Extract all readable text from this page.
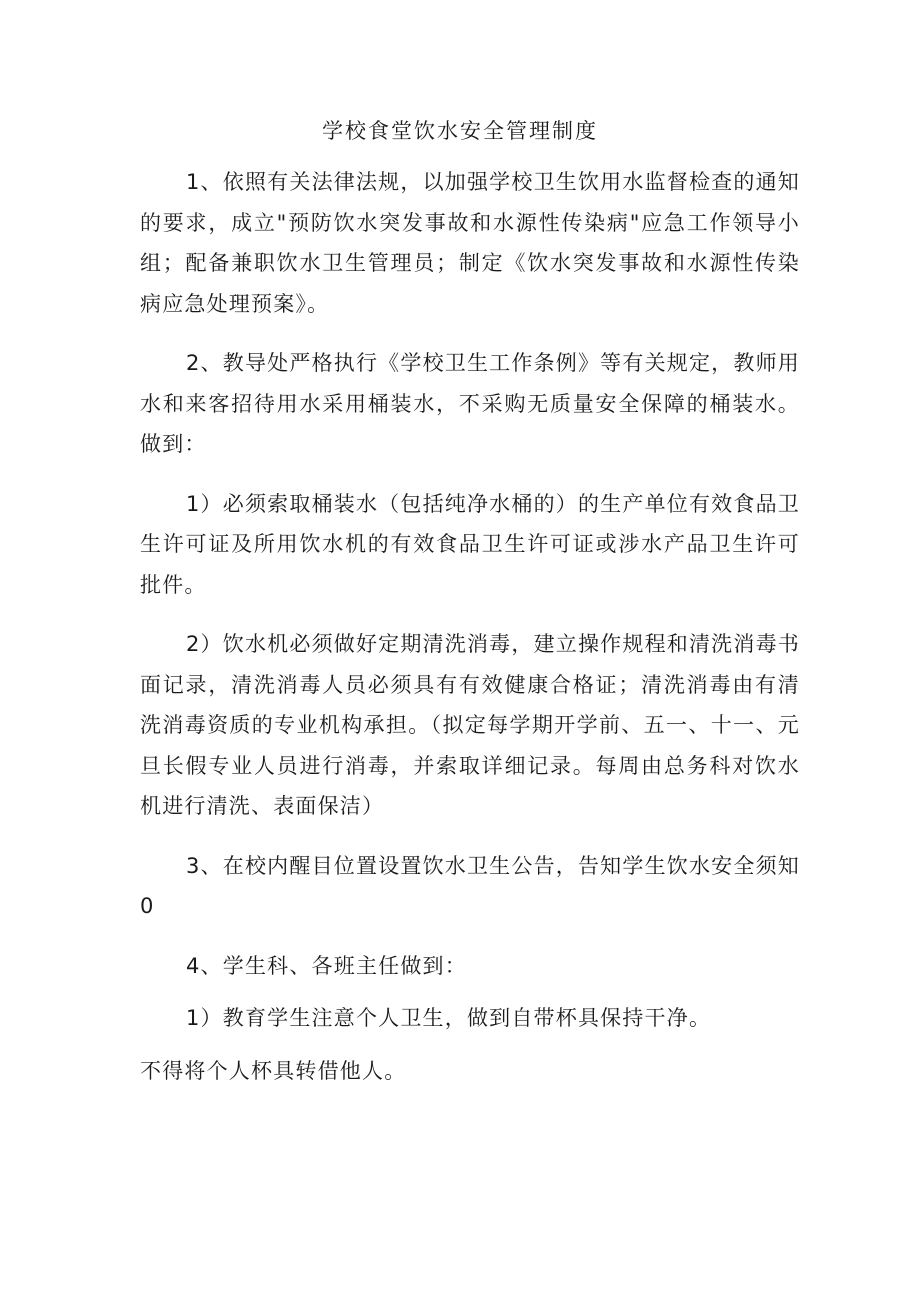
学校食堂饮水安全管理制度

1、依照有关法律法规，以加强学校卫生饮用水监督检查的通知的要求，成立"预防饮水突发事故和水源性传染病"应急工作领导小组；配备兼职饮水卫生管理员；制定《饮水突发事故和水源性传染病应急处理预案》。

2、教导处严格执行《学校卫生工作条例》等有关规定，教师用水和来客招待用水采用桶装水，不采购无质量安全保障的桶装水。做到：

1）必须索取桶装水（包括纯净水桶的）的生产单位有效食品卫生许可证及所用饮水机的有效食品卫生许可证或涉水产品卫生许可批件。

2）饮水机必须做好定期清洗消毒，建立操作规程和清洗消毒书面记录，清洗消毒人员必须具有有效健康合格证；清洗消毒由有清洗消毒资质的专业机构承担。（拟定每学期开学前、五一、十一、元旦长假专业人员进行消毒，并索取详细记录。每周由总务科对饮水机进行清洗、表面保洁）

3、在校内醒目位置设置饮水卫生公告，告知学生饮水安全须知0

4、学生科、各班主任做到：

1）教育学生注意个人卫生，做到自带杯具保持干净。

不得将个人杯具转借他人。
